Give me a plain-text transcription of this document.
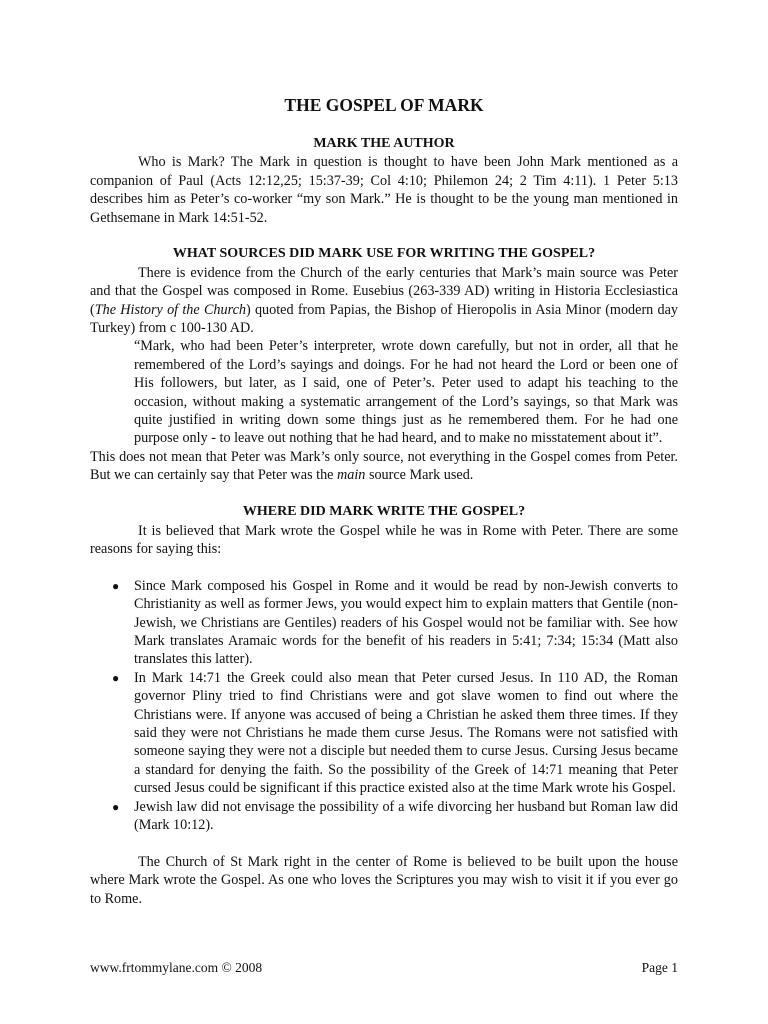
THE GOSPEL OF MARK
MARK THE AUTHOR

Who is Mark? The Mark in question is thought to have been John Mark mentioned as a companion of Paul (Acts 12:12,25; 15:37-39; Col 4:10; Philemon 24; 2 Tim 4:11). 1 Peter 5:13 describes him as Peter’s co-worker “my son Mark.” He is thought to be the young man mentioned in Gethsemane in Mark 14:51-52.

WHAT SOURCES DID MARK USE FOR WRITING THE GOSPEL?

There is evidence from the Church of the early centuries that Mark’s main source was Peter and that the Gospel was composed in Rome. Eusebius (263-339 AD) writing in Historia Ecclesiastica (The History of the Church) quoted from Papias, the Bishop of Hieropolis in Asia Minor (modern day Turkey) from c 100-130 AD.

“Mark, who had been Peter’s interpreter, wrote down carefully, but not in order, all that he remembered of the Lord’s sayings and doings. For he had not heard the Lord or been one of His followers, but later, as I said, one of Peter’s. Peter used to adapt his teaching to the occasion, without making a systematic arrangement of the Lord’s sayings, so that Mark was quite justified in writing down some things just as he remembered them. For he had one purpose only - to leave out nothing that he had heard, and to make no misstatement about it”.

This does not mean that Peter was Mark’s only source, not everything in the Gospel comes from Peter. But we can certainly say that Peter was the main source Mark used.

WHERE DID MARK WRITE THE GOSPEL?

It is believed that Mark wrote the Gospel while he was in Rome with Peter. There are some reasons for saying this:

● Since Mark composed his Gospel in Rome and it would be read by non-Jewish converts to Christianity as well as former Jews, you would expect him to explain matters that Gentile (non-Jewish, we Christians are Gentiles) readers of his Gospel would not be familiar with. See how Mark translates Aramaic words for the benefit of his readers in 5:41; 7:34; 15:34 (Matt also translates this latter).
● In Mark 14:71 the Greek could also mean that Peter cursed Jesus. In 110 AD, the Roman governor Pliny tried to find Christians were and got slave women to find out where the Christians were. If anyone was accused of being a Christian he asked them three times. If they said they were not Christians he made them curse Jesus. The Romans were not satisfied with someone saying they were not a disciple but needed them to curse Jesus. Cursing Jesus became a standard for denying the faith. So the possibility of the Greek of 14:71 meaning that Peter cursed Jesus could be significant if this practice existed also at the time Mark wrote his Gospel.
● Jewish law did not envisage the possibility of a wife divorcing her husband but Roman law did (Mark 10:12).

The Church of St Mark right in the center of Rome is believed to be built upon the house where Mark wrote the Gospel. As one who loves the Scriptures you may wish to visit it if you ever go to Rome.

www.frtommylane.com © 2008	Page 1
